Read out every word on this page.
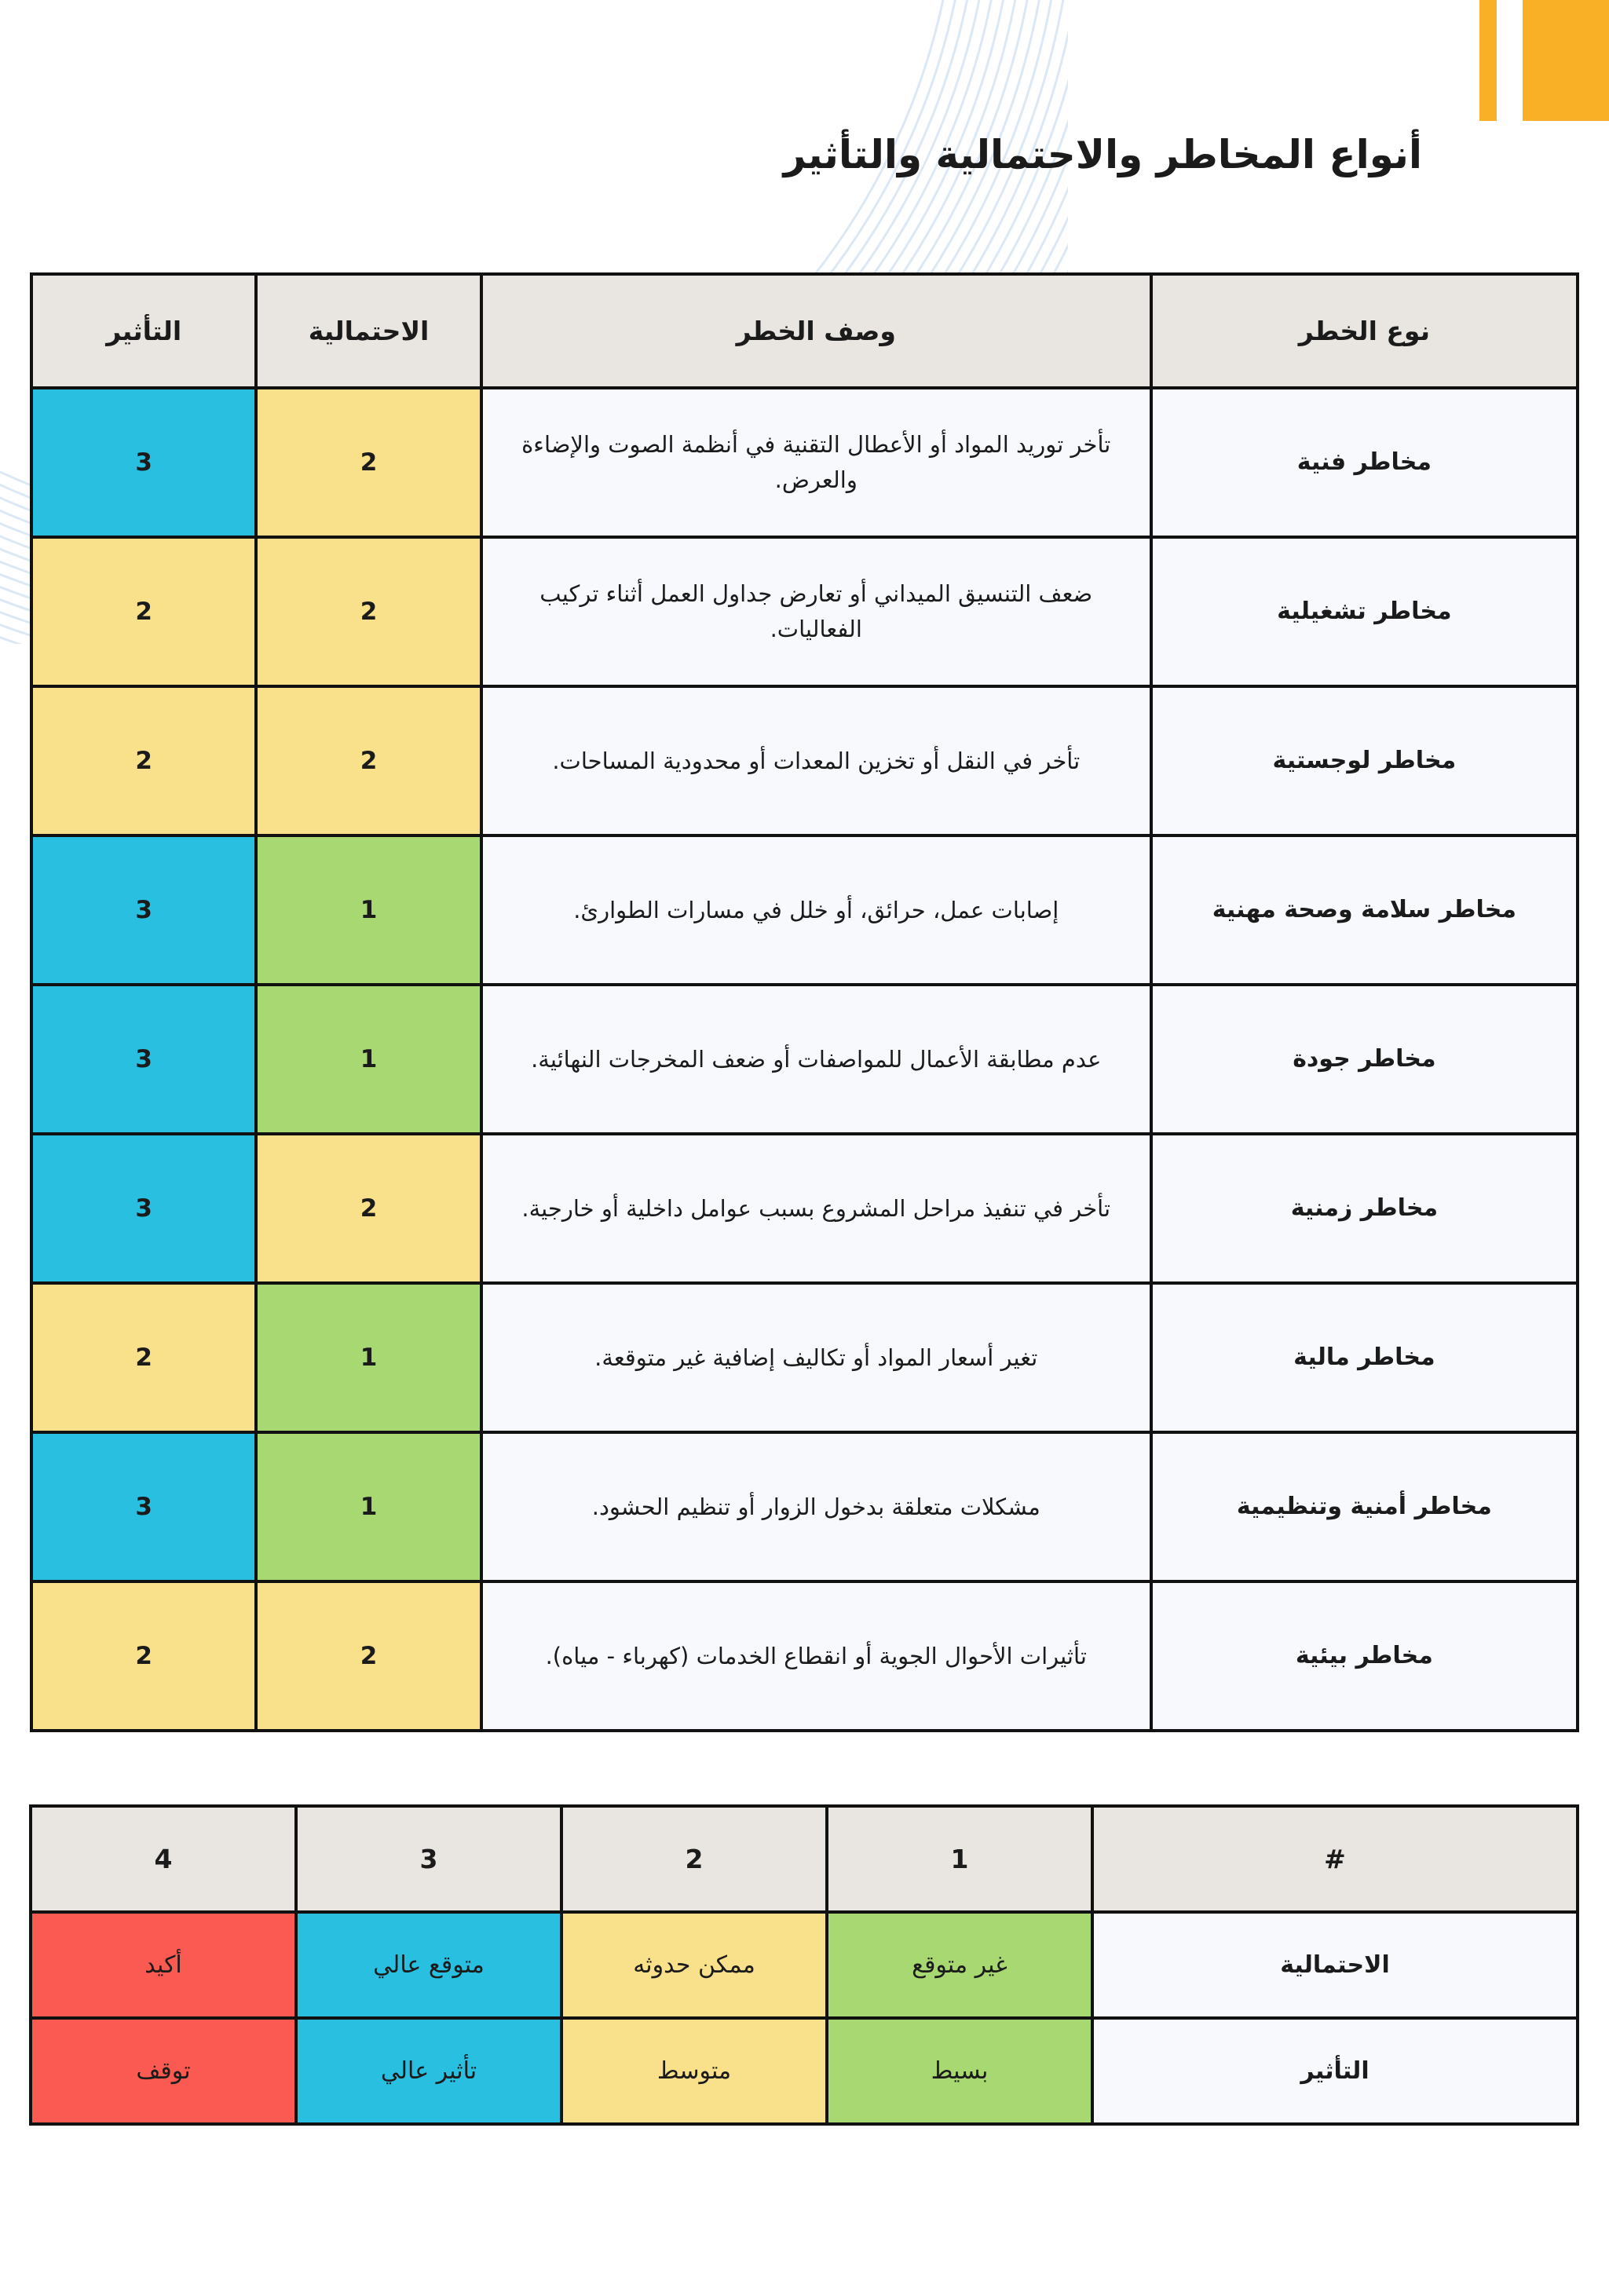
أنواع المخاطر والاحتمالية والتأثير
نوع الخطر	وصف الخطر	الاحتمالية	التأثير
مخاطر فنية	تأخر توريد المواد أو الأعطال التقنية في أنظمة الصوت والإضاءة والعرض.	2	3
مخاطر تشغيلية	ضعف التنسيق الميداني أو تعارض جداول العمل أثناء تركيب الفعاليات.	2	2
مخاطر لوجستية	تأخر في النقل أو تخزين المعدات أو محدودية المساحات.	2	2
مخاطر سلامة وصحة مهنية	إصابات عمل، حرائق، أو خلل في مسارات الطوارئ.	1	3
مخاطر جودة	عدم مطابقة الأعمال للمواصفات أو ضعف المخرجات النهائية.	1	3
مخاطر زمنية	تأخر في تنفيذ مراحل المشروع بسبب عوامل داخلية أو خارجية.	2	3
مخاطر مالية	تغير أسعار المواد أو تكاليف إضافية غير متوقعة.	1	2
مخاطر أمنية وتنظيمية	مشكلات متعلقة بدخول الزوار أو تنظيم الحشود.	1	3
مخاطر بيئية	تأثيرات الأحوال الجوية أو انقطاع الخدمات (كهرباء - مياه).	2	2
#	1	2	3	4
الاحتمالية	غير متوقع	ممكن حدوثه	متوقع عالي	أكيد
التأثير	بسيط	متوسط	تأثير عالي	توقف
